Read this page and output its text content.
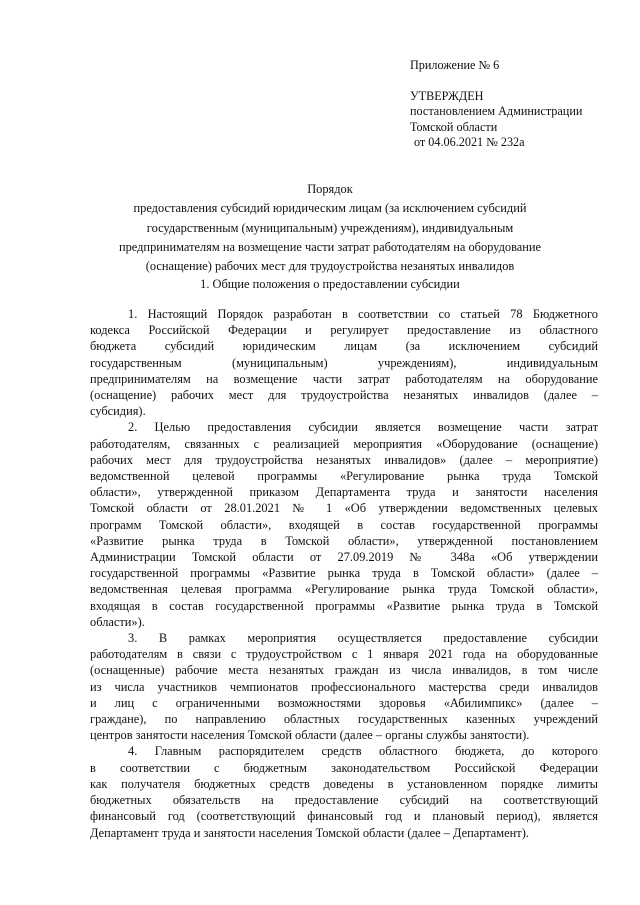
Приложение № 6
УТВЕРЖДЕН
постановлением Администрации
Томской области
от 04.06.2021 № 232а
Порядок
предоставления субсидий юридическим лицам (за исключением субсидий
государственным (муниципальным) учреждениям), индивидуальным
предпринимателям на возмещение части затрат работодателям на оборудование
(оснащение) рабочих мест для трудоустройства незанятых инвалидов
1. Общие положения о предоставлении субсидии

1. Настоящий Порядок разработан в соответствии со статьей 78 Бюджетного
кодекса Российской Федерации и регулирует предоставление из областного
бюджета субсидий юридическим лицам (за исключением субсидий
государственным (муниципальным) учреждениям), индивидуальным
предпринимателям на возмещение части затрат работодателям на оборудование
(оснащение) рабочих мест для трудоустройства незанятых инвалидов (далее –
субсидия).

2. Целью предоставления субсидии является возмещение части затрат
работодателям, связанных с реализацией мероприятия «Оборудование (оснащение)
рабочих мест для трудоустройства незанятых инвалидов» (далее – мероприятие)
ведомственной целевой программы «Регулирование рынка труда Томской
области», утвержденной приказом Департамента труда и занятости населения
Томской области от 28.01.2021 № 1 «Об утверждении ведомственных целевых
программ Томской области», входящей в состав государственной программы
«Развитие рынка труда в Томской области», утвержденной постановлением
Администрации Томской области от 27.09.2019 № 348а «Об утверждении
государственной программы «Развитие рынка труда в Томской области» (далее –
ведомственная целевая программа «Регулирование рынка труда Томской области»,
входящая в состав государственной программы «Развитие рынка труда в Томской
области»).

3. В рамках мероприятия осуществляется предоставление субсидии
работодателям в связи с трудоустройством с 1 января 2021 года на оборудованные
(оснащенные) рабочие места незанятых граждан из числа инвалидов, в том числе
из числа участников чемпионатов профессионального мастерства среди инвалидов
и лиц с ограниченными возможностями здоровья «Абилимпикс» (далее –
граждане), по направлению областных государственных казенных учреждений
центров занятости населения Томской области (далее – органы службы занятости).

4. Главным распорядителем средств областного бюджета, до которого
в соответствии с бюджетным законодательством Российской Федерации
как получателя бюджетных средств доведены в установленном порядке лимиты
бюджетных обязательств на предоставление субсидий на соответствующий
финансовый год (соответствующий финансовый год и плановый период), является
Департамент труда и занятости населения Томской области (далее – Департамент).
